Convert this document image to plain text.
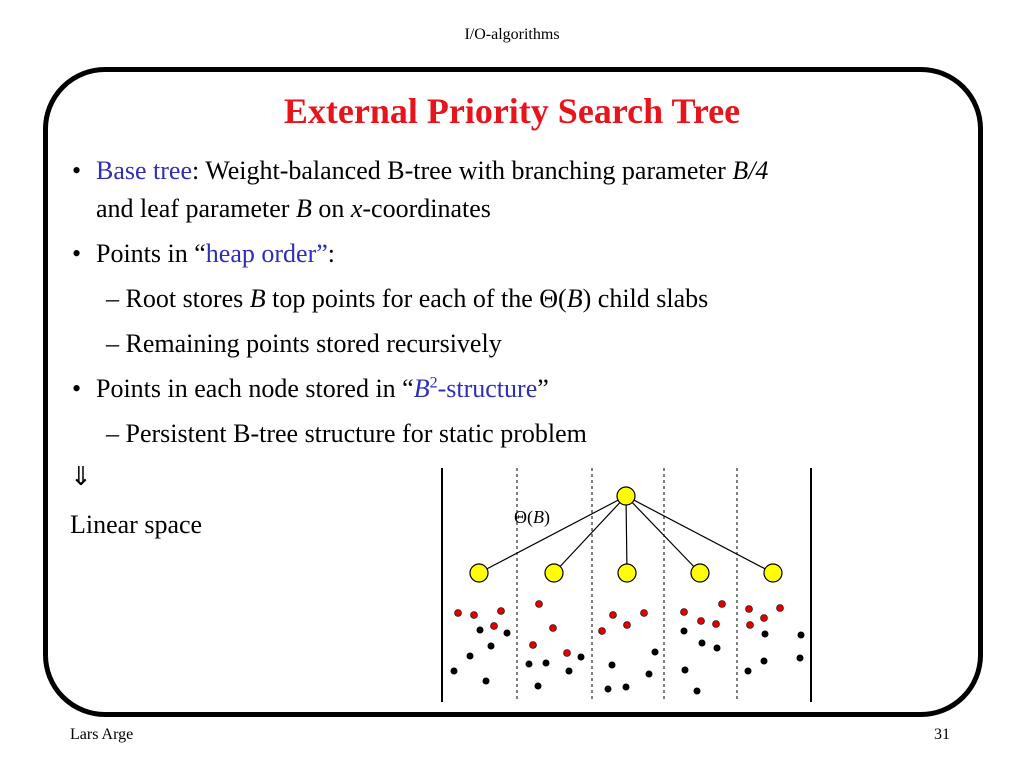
I/O-algorithms
External Priority Search Tree
• Base tree: Weight-balanced B-tree with branching parameter B/4
and leaf parameter B on x-coordinates
• Points in “heap order”:
– Root stores B top points for each of the Θ(B) child slabs
– Remaining points stored recursively
• Points in each node stored in “$B^2$-structure”
– Persistent B-tree structure for static problem
⇓
Linear space	Θ(B)
Lars Arge	31
